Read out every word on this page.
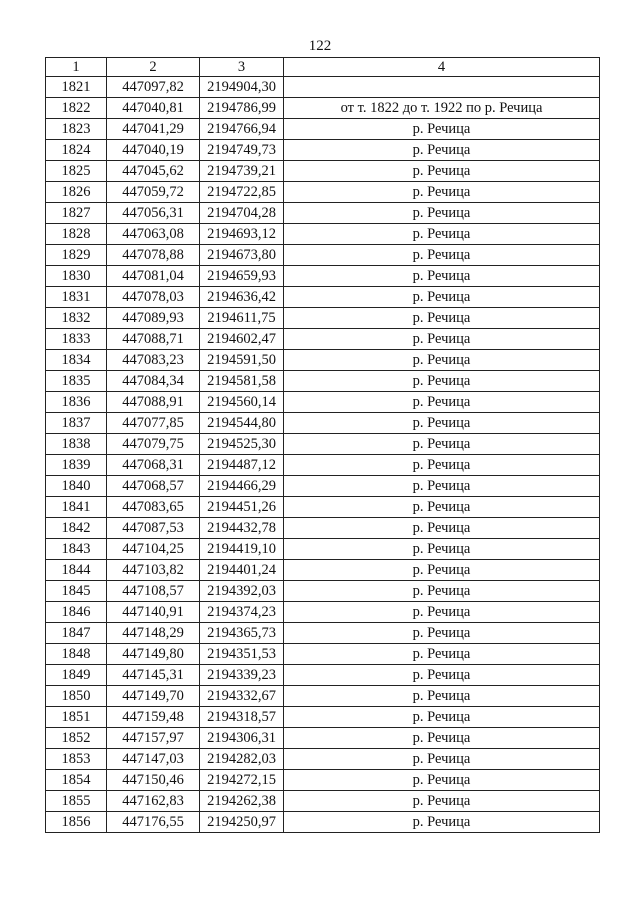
122
1	2	3	4
1821	447097,82	2194904,30	
1822	447040,81	2194786,99	от т. 1822 до т. 1922 по р. Речица
1823	447041,29	2194766,94	р. Речица
1824	447040,19	2194749,73	р. Речица
1825	447045,62	2194739,21	р. Речица
1826	447059,72	2194722,85	р. Речица
1827	447056,31	2194704,28	р. Речица
1828	447063,08	2194693,12	р. Речица
1829	447078,88	2194673,80	р. Речица
1830	447081,04	2194659,93	р. Речица
1831	447078,03	2194636,42	р. Речица
1832	447089,93	2194611,75	р. Речица
1833	447088,71	2194602,47	р. Речица
1834	447083,23	2194591,50	р. Речица
1835	447084,34	2194581,58	р. Речица
1836	447088,91	2194560,14	р. Речица
1837	447077,85	2194544,80	р. Речица
1838	447079,75	2194525,30	р. Речица
1839	447068,31	2194487,12	р. Речица
1840	447068,57	2194466,29	р. Речица
1841	447083,65	2194451,26	р. Речица
1842	447087,53	2194432,78	р. Речица
1843	447104,25	2194419,10	р. Речица
1844	447103,82	2194401,24	р. Речица
1845	447108,57	2194392,03	р. Речица
1846	447140,91	2194374,23	р. Речица
1847	447148,29	2194365,73	р. Речица
1848	447149,80	2194351,53	р. Речица
1849	447145,31	2194339,23	р. Речица
1850	447149,70	2194332,67	р. Речица
1851	447159,48	2194318,57	р. Речица
1852	447157,97	2194306,31	р. Речица
1853	447147,03	2194282,03	р. Речица
1854	447150,46	2194272,15	р. Речица
1855	447162,83	2194262,38	р. Речица
1856	447176,55	2194250,97	р. Речица
